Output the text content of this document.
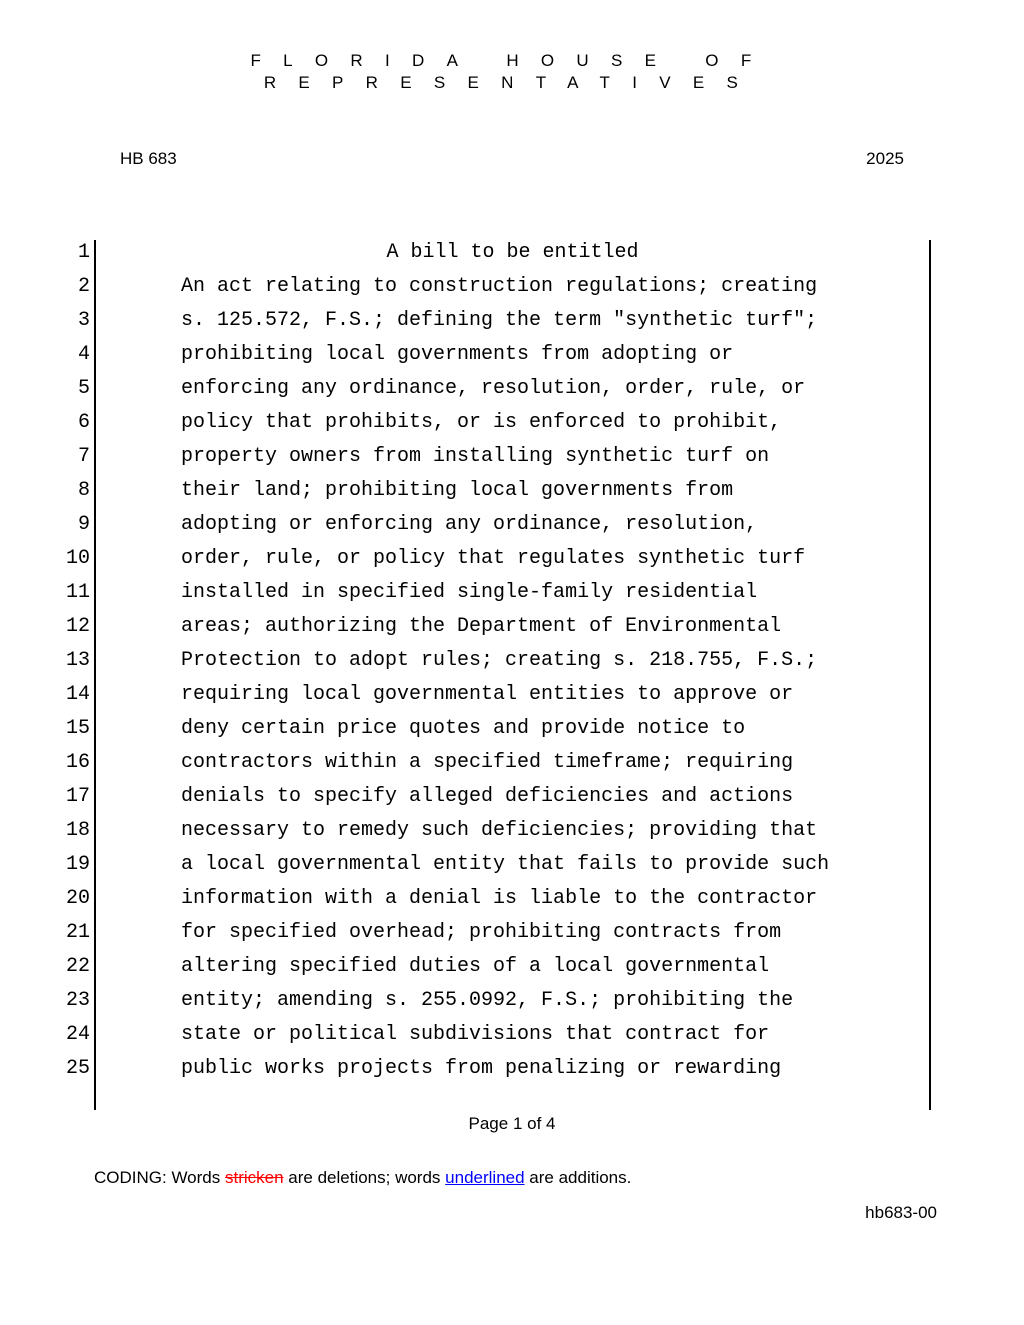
FLORIDA HOUSE OF REPRESENTATIVES
HB 683	2025
1	A bill to be entitled
2	An act relating to construction regulations; creating
3	s. 125.572, F.S.; defining the term "synthetic turf";
4	prohibiting local governments from adopting or
5	enforcing any ordinance, resolution, order, rule, or
6	policy that prohibits, or is enforced to prohibit,
7	property owners from installing synthetic turf on
8	their land; prohibiting local governments from
9	adopting or enforcing any ordinance, resolution,
10	order, rule, or policy that regulates synthetic turf
11	installed in specified single-family residential
12	areas; authorizing the Department of Environmental
13	Protection to adopt rules; creating s. 218.755, F.S.;
14	requiring local governmental entities to approve or
15	deny certain price quotes and provide notice to
16	contractors within a specified timeframe; requiring
17	denials to specify alleged deficiencies and actions
18	necessary to remedy such deficiencies; providing that
19	a local governmental entity that fails to provide such
20	information with a denial is liable to the contractor
21	for specified overhead; prohibiting contracts from
22	altering specified duties of a local governmental
23	entity; amending s. 255.0992, F.S.; prohibiting the
24	state or political subdivisions that contract for
25	public works projects from penalizing or rewarding
Page 1 of 4
CODING: Words stricken are deletions; words underlined are additions.
hb683-00
